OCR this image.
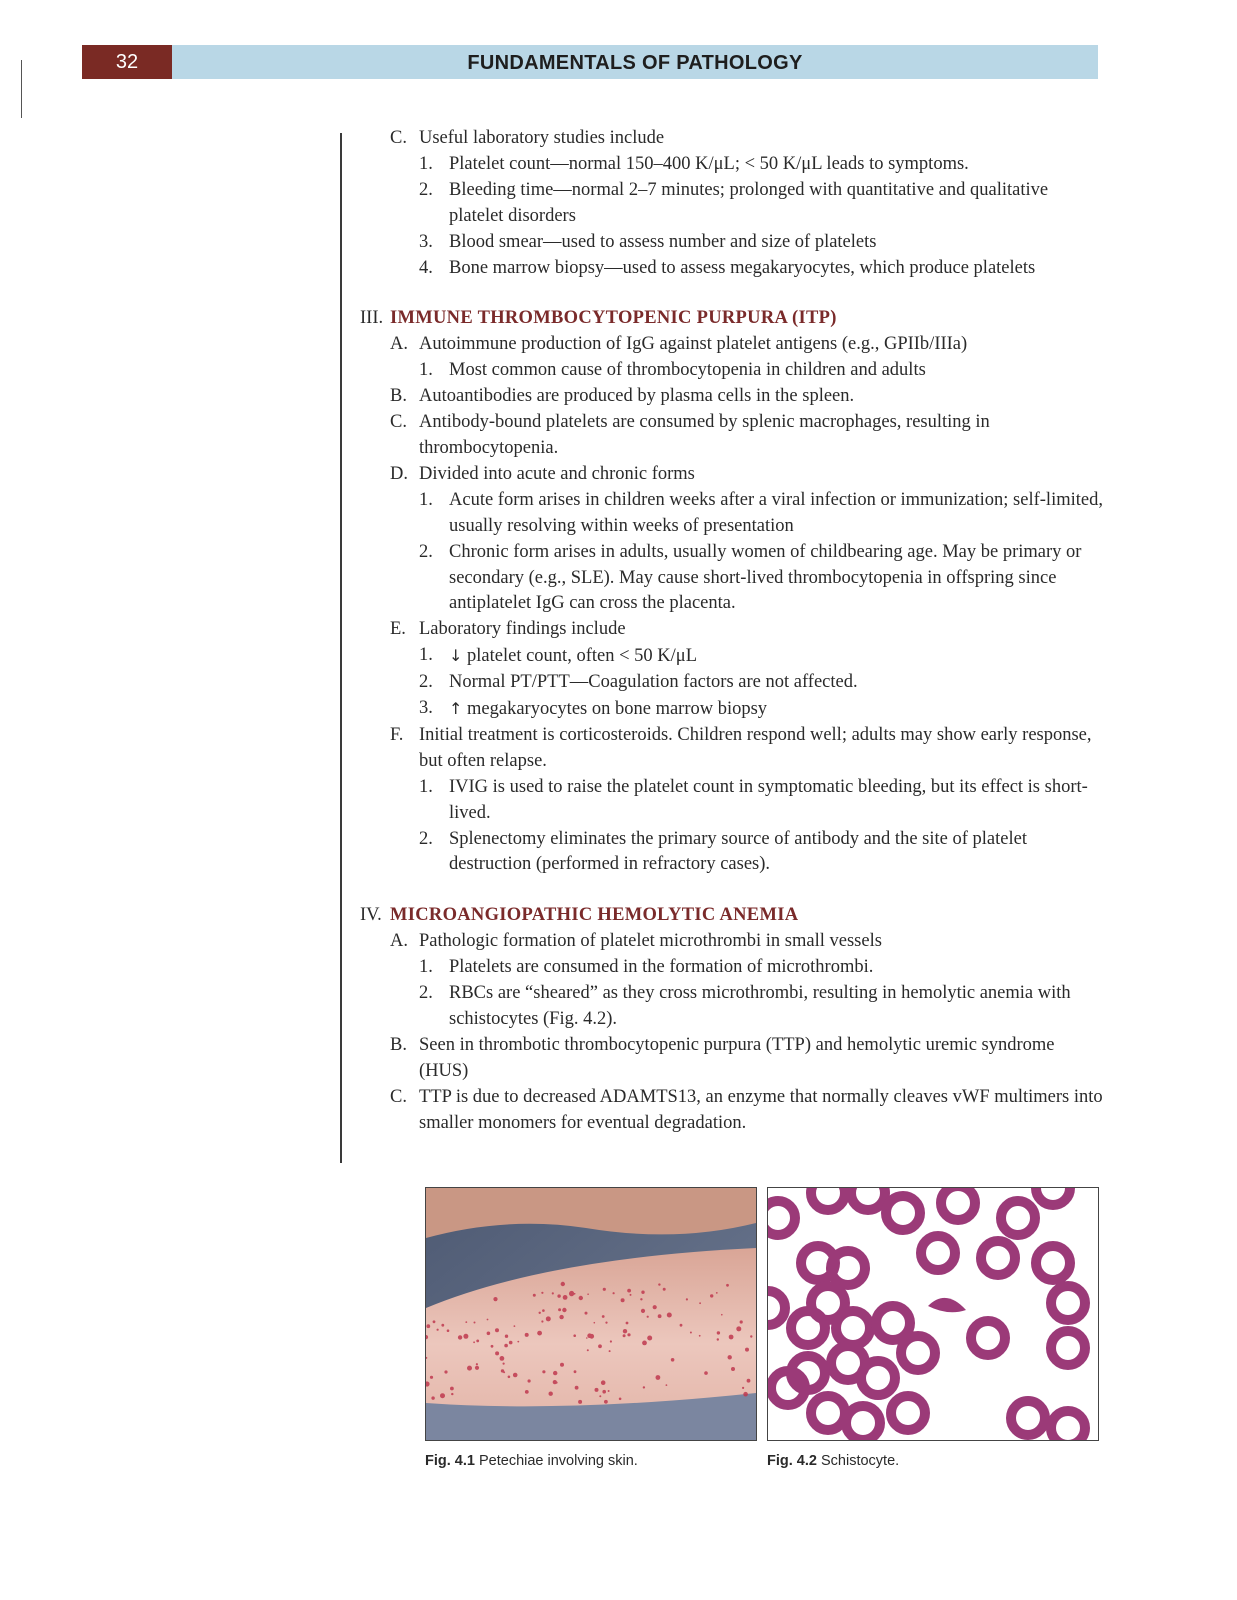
32	FUNDAMENTALS OF PATHOLOGY
C. Useful laboratory studies include
1. Platelet count—normal 150–400 K/μL; < 50 K/μL leads to symptoms.
2. Bleeding time—normal 2–7 minutes; prolonged with quantitative and qualitative platelet disorders
3. Blood smear—used to assess number and size of platelets
4. Bone marrow biopsy—used to assess megakaryocytes, which produce platelets
III. IMMUNE THROMBOCYTOPENIC PURPURA (ITP)
A. Autoimmune production of IgG against platelet antigens (e.g., GPIIb/IIIa)
1. Most common cause of thrombocytopenia in children and adults
B. Autoantibodies are produced by plasma cells in the spleen.
C. Antibody-bound platelets are consumed by splenic macrophages, resulting in thrombocytopenia.
D. Divided into acute and chronic forms
1. Acute form arises in children weeks after a viral infection or immunization; self-limited, usually resolving within weeks of presentation
2. Chronic form arises in adults, usually women of childbearing age. May be primary or secondary (e.g., SLE). May cause short-lived thrombocytopenia in offspring since antiplatelet IgG can cross the placenta.
E. Laboratory findings include
1.	↓ platelet count, often < 50 K/μL
2. Normal PT/PTT—Coagulation factors are not affected.
3.	↑ megakaryocytes on bone marrow biopsy
F. Initial treatment is corticosteroids. Children respond well; adults may show early response, but often relapse.
1. IVIG is used to raise the platelet count in symptomatic bleeding, but its effect is short-lived.
2. Splenectomy eliminates the primary source of antibody and the site of platelet destruction (performed in refractory cases).
IV. MICROANGIOPATHIC HEMOLYTIC ANEMIA
A. Pathologic formation of platelet microthrombi in small vessels
1. Platelets are consumed in the formation of microthrombi.
2. RBCs are “sheared” as they cross microthrombi, resulting in hemolytic anemia with schistocytes (Fig. 4.2).
B. Seen in thrombotic thrombocytopenic purpura (TTP) and hemolytic uremic syndrome (HUS)
C. TTP is due to decreased ADAMTS13, an enzyme that normally cleaves vWF multimers into smaller monomers for eventual degradation.
Fig. 4.1 Petechiae involving skin.	Fig. 4.2 Schistocyte.
